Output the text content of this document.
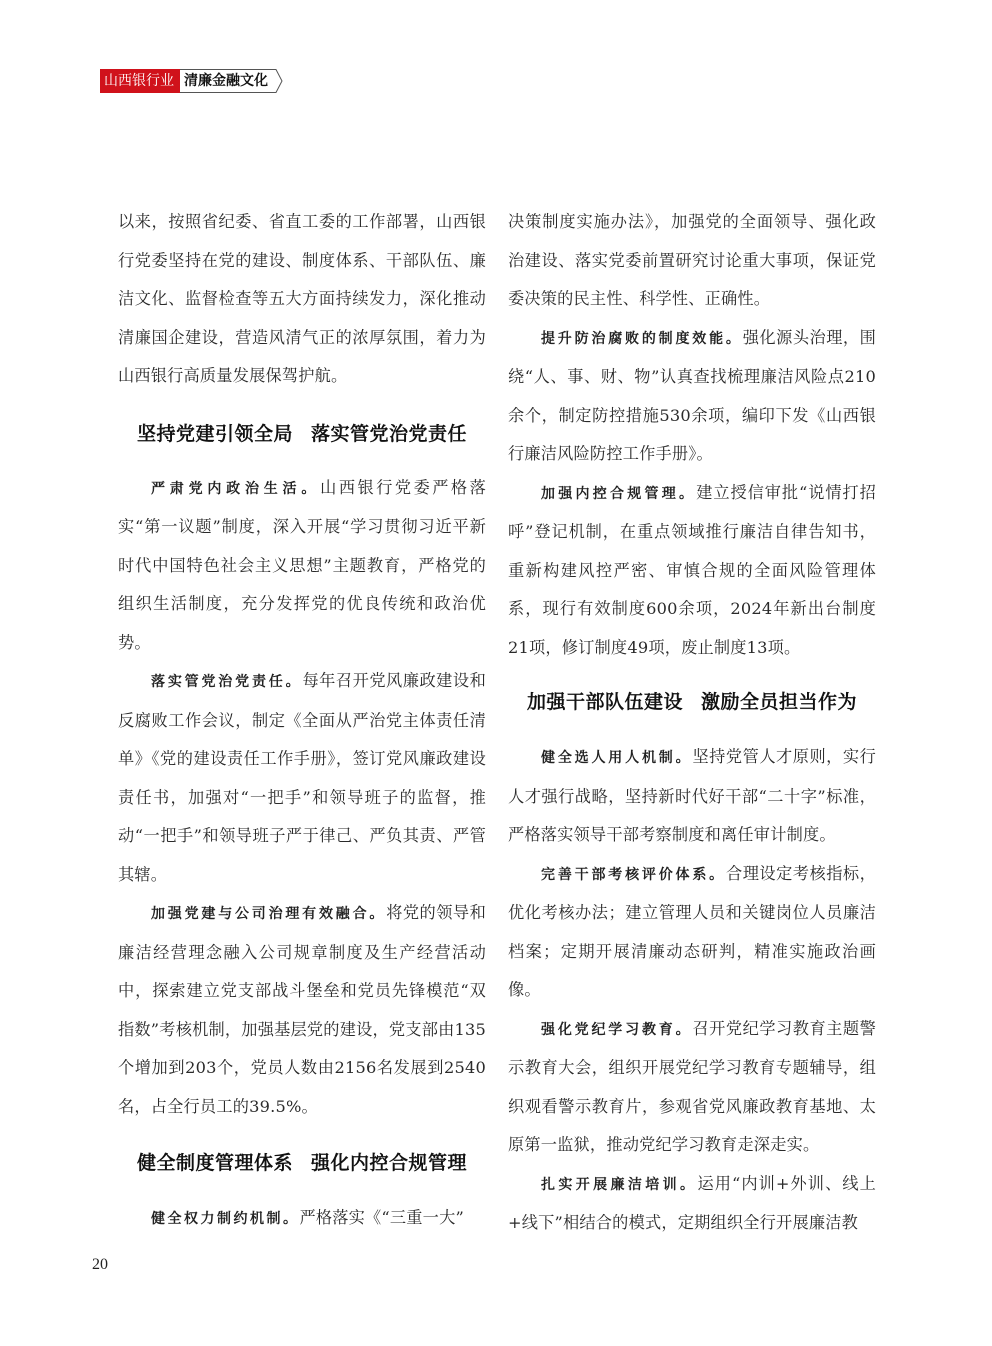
山西银行业 清廉金融文化

以来，按照省纪委、省直工委的工作部署，山西银行党委坚持在党的建设、制度体系、干部队伍、廉洁文化、监督检查等五大方面持续发力，深化推动清廉国企建设，营造风清气正的浓厚氛围，着力为山西银行高质量发展保驾护航。

坚持党建引领全局 落实管党治党责任

严肃党内政治生活。山西银行党委严格落实“第一议题”制度，深入开展“学习贯彻习近平新时代中国特色社会主义思想”主题教育，严格党的组织生活制度，充分发挥党的优良传统和政治优势。

落实管党治党责任。每年召开党风廉政建设和反腐败工作会议，制定《全面从严治党主体责任清单》《党的建设责任工作手册》，签订党风廉政建设责任书，加强对“一把手”和领导班子的监督，推动“一把手”和领导班子严于律己、严负其责、严管其辖。

加强党建与公司治理有效融合。将党的领导和廉洁经营理念融入公司规章制度及生产经营活动中，探索建立党支部战斗堡垒和党员先锋模范“双指数”考核机制，加强基层党的建设，党支部由135个增加到203个，党员人数由2156名发展到2540名，占全行员工的39.5%。

健全制度管理体系 强化内控合规管理

健全权力制约机制。严格落实《“三重一大”

决策制度实施办法》，加强党的全面领导、强化政治建设、落实党委前置研究讨论重大事项，保证党委决策的民主性、科学性、正确性。

提升防治腐败的制度效能。强化源头治理，围绕“人、事、财、物”认真查找梳理廉洁风险点210余个，制定防控措施530余项，编印下发《山西银行廉洁风险防控工作手册》。

加强内控合规管理。建立授信审批“说情打招呼”登记机制，在重点领域推行廉洁自律告知书，重新构建风控严密、审慎合规的全面风险管理体系，现行有效制度600余项，2024年新出台制度21项，修订制度49项，废止制度13项。

加强干部队伍建设 激励全员担当作为

健全选人用人机制。坚持党管人才原则，实行人才强行战略，坚持新时代好干部“二十字”标准，严格落实领导干部考察制度和离任审计制度。

完善干部考核评价体系。合理设定考核指标，优化考核办法；建立管理人员和关键岗位人员廉洁档案；定期开展清廉动态研判，精准实施政治画像。

强化党纪学习教育。召开党纪学习教育主题警示教育大会，组织开展党纪学习教育专题辅导，组织观看警示教育片，参观省党风廉政教育基地、太原第一监狱，推动党纪学习教育走深走实。

扎实开展廉洁培训。运用“内训+外训、线上+线下”相结合的模式，定期组织全行开展廉洁教

20
